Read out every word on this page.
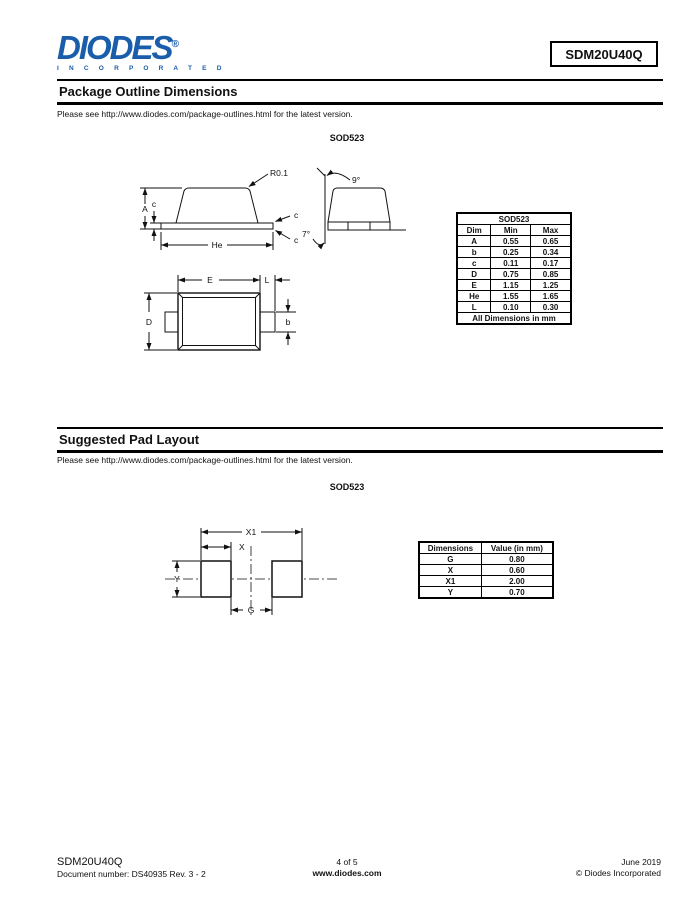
DIODES®
I N C O R P O R A T E D
SDM20U40Q
Package Outline Dimensions
Please see http://www.diodes.com/package-outlines.html for the latest version.
SOD523
A c
He
R0.1
c
c
9°
7°
E	L
D	b
SOD523		
Dim	Min	Max
A	0.55	0.65
b	0.25	0.34
c	0.11	0.17
D	0.75	0.85
E	1.15	1.25
He	1.55	1.65
L	0.10	0.30
All Dimensions in mm		
Suggested Pad Layout
Please see http://www.diodes.com/package-outlines.html for the latest version.
SOD523
X1
X
Y
G
Dimensions	Value (in mm)
G	0.80
X	0.60
X1	2.00
Y	0.70
SDM20U40Q
Document number: DS40935 Rev. 3 - 2
4 of 5
www.diodes.com
June 2019
© Diodes Incorporated
